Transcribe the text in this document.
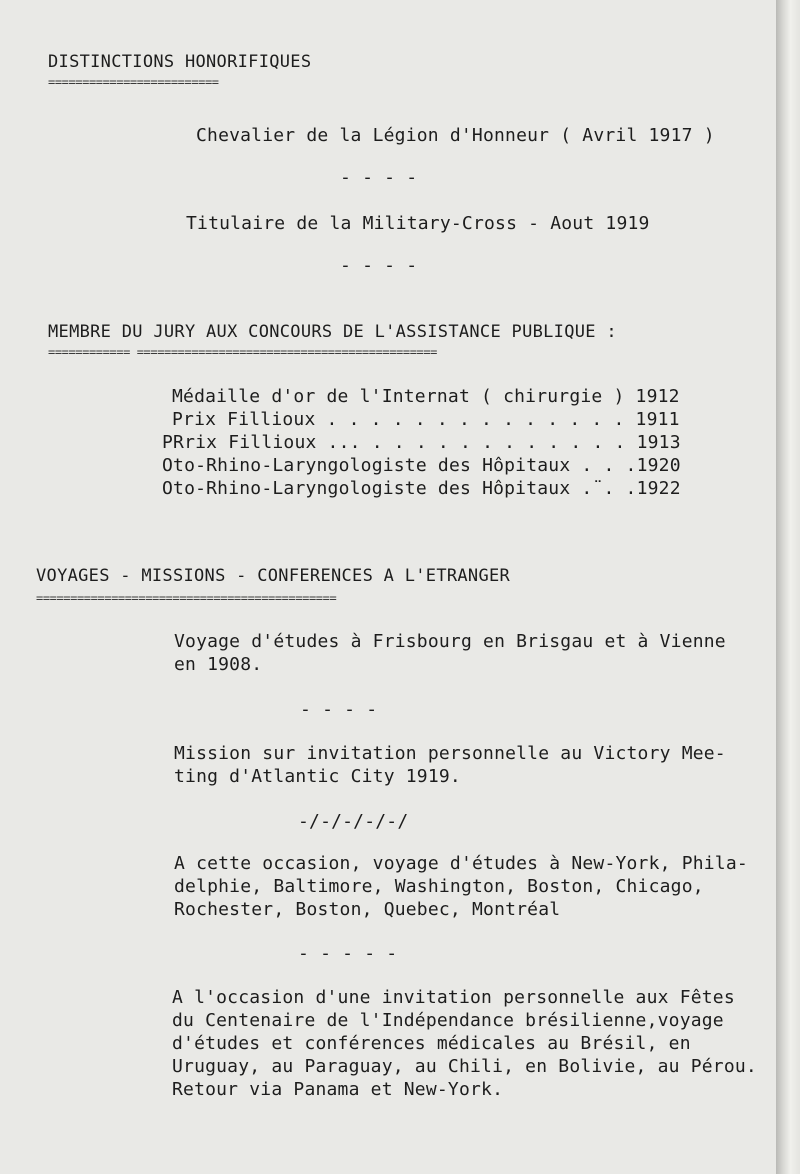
DISTINCTIONS HONORIFIQUES
=========================
Chevalier de la Légion d'Honneur ( Avril 1917 )
- - - -
Titulaire de la Military-Cross - Aout 1919
- - - -
MEMBRE DU JURY AUX CONCOURS DE L'ASSISTANCE PUBLIQUE :
============ ============================================
Médaille d'or de l'Internat ( chirurgie ) 1912
Prix Fillioux . . . . . . . . . . . . . . 1911
PRrix Fillioux ... . . . . . . . . . . . . 1913
Oto-Rhino-Laryngologiste des Hôpitaux . . .1920
Oto-Rhino-Laryngologiste des Hôpitaux .¨. .1922
VOYAGES - MISSIONS - CONFERENCES A L'ETRANGER
============================================
Voyage d'études à Frisbourg en Brisgau et à Vienne
en 1908.
- - - -
Mission sur invitation personnelle au Victory Mee-
ting d'Atlantic City 1919.
-/-/-/-/-/
A cette occasion, voyage d'études à New-York, Phila-
delphie, Baltimore, Washington, Boston, Chicago,
Rochester, Boston, Quebec, Montréal
- - - - -
A l'occasion d'une invitation personnelle aux Fêtes
du Centenaire de l'Indépendance brésilienne,voyage
d'études et conférences médicales au Brésil, en
Uruguay, au Paraguay, au Chili, en Bolivie, au Pérou.
Retour via Panama et New-York.
